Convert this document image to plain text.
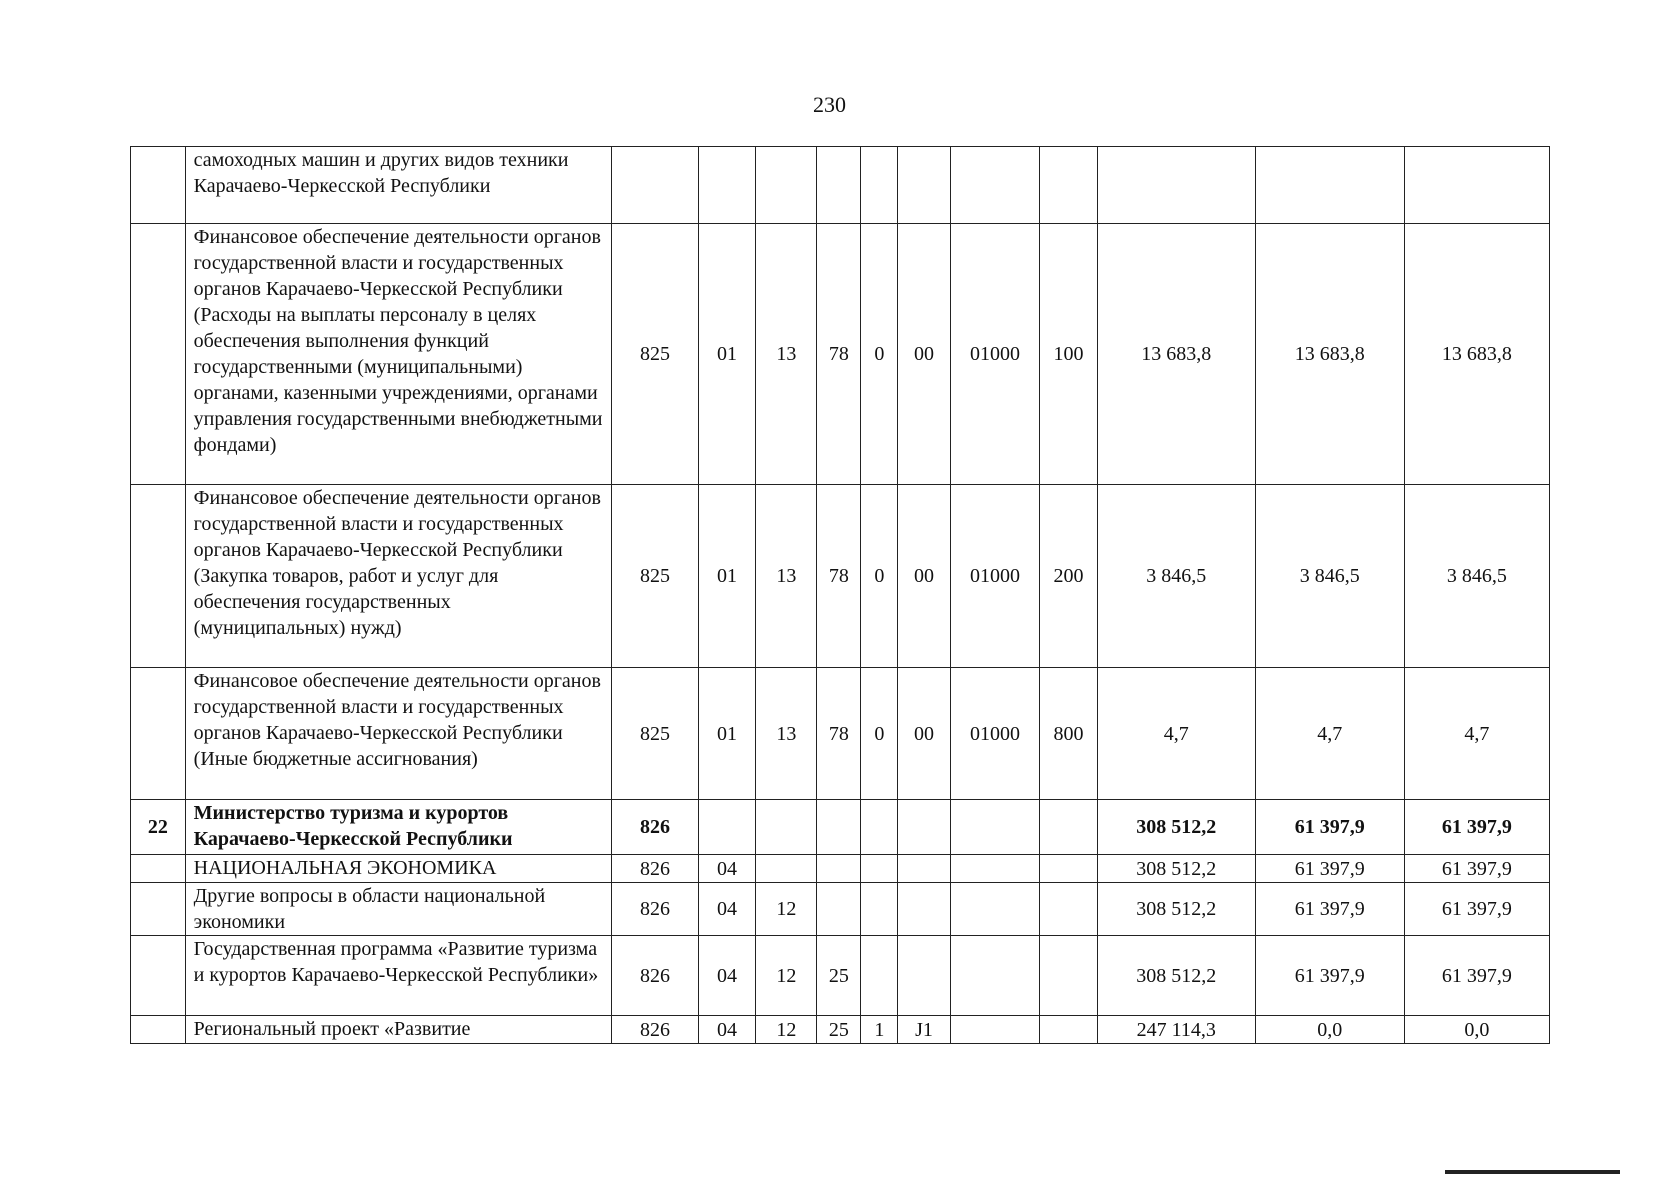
230
	самоходных машин и других видов техники Карачаево-Черкесской Республики											
	Финансовое обеспечение деятельности органов государственной власти и государственных органов Карачаево-Черкесской Республики (Расходы на выплаты персоналу в целях обеспечения выполнения функций государственными (муниципальными) органами, казенными учреждениями, органами управления государственными внебюджетными фондами)	825	01	13	78	0	00	01000	100	13 683,8	13 683,8	13 683,8
	Финансовое обеспечение деятельности органов государственной власти и государственных органов Карачаево-Черкесской Республики (Закупка товаров, работ и услуг для обеспечения государственных (муниципальных) нужд)	825	01	13	78	0	00	01000	200	3 846,5	3 846,5	3 846,5
	Финансовое обеспечение деятельности органов государственной власти и государственных органов Карачаево-Черкесской Республики (Иные бюджетные ассигнования)	825	01	13	78	0	00	01000	800	4,7	4,7	4,7
22	Министерство туризма и курортов Карачаево-Черкесской Республики	826								308 512,2	61 397,9	61 397,9
	НАЦИОНАЛЬНАЯ ЭКОНОМИКА	826	04							308 512,2	61 397,9	61 397,9
	Другие вопросы в области национальной экономики	826	04	12						308 512,2	61 397,9	61 397,9
	Государственная программа «Развитие туризма и курортов Карачаево-Черкесской Республики»	826	04	12	25					308 512,2	61 397,9	61 397,9
	Региональный проект «Развитие	826	04	12	25	1	J1			247 114,3	0,0	0,0
